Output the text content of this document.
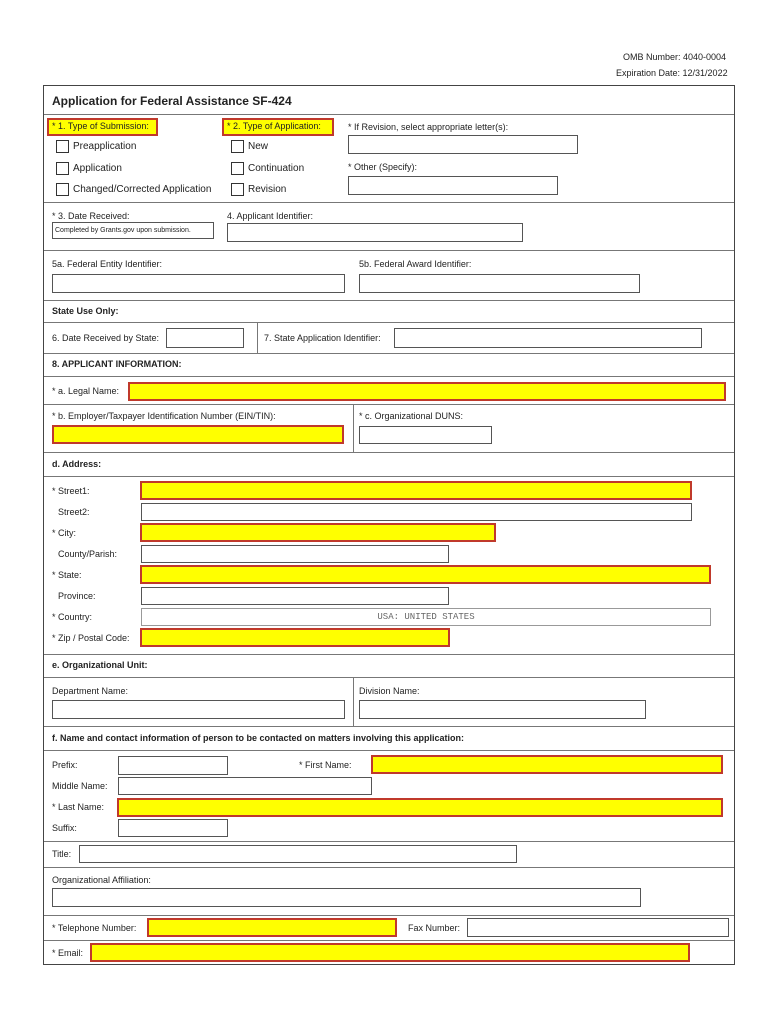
OMB Number: 4040-0004
Expiration Date: 12/31/2022
Application for Federal Assistance SF-424
* 1. Type of Submission:	* 2. Type of Application:	* If Revision, select appropriate letter(s):
* Other (Specify):
Preapplication
Application
Changed/Corrected Application
New
Continuation
Revision
* 3. Date Received:
Completed by Grants.gov upon submission.
4. Applicant Identifier:
5a. Federal Entity Identifier:	5b. Federal Award Identifier:
State Use Only:
6. Date Received by State:	7. State Application Identifier:
8. APPLICANT INFORMATION:
* a. Legal Name:
* b. Employer/Taxpayer Identification Number (EIN/TIN):	* c. Organizational DUNS:
d. Address:
* Street1:
Street2:
* City:
County/Parish:
* State:
Province:
* Country:	USA: UNITED STATES
* Zip / Postal Code:
e. Organizational Unit:
Department Name:	Division Name:
f. Name and contact information of person to be contacted on matters involving this application:
Prefix:	* First Name:
Middle Name:
* Last Name:
Suffix:
Title:
Organizational Affiliation:
* Telephone Number:	Fax Number:
* Email:
